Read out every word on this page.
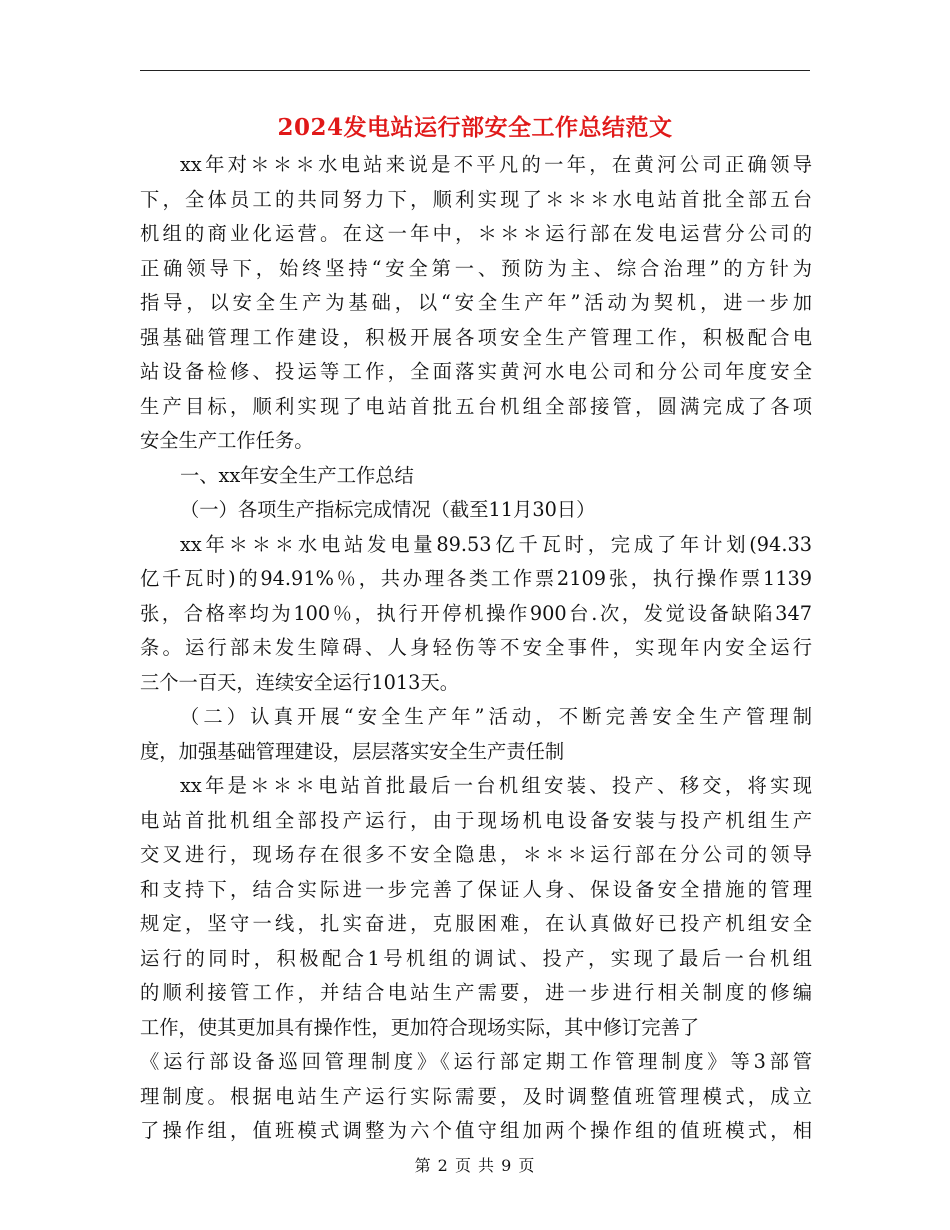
2024发电站运行部安全工作总结范文
xx年对＊＊＊水电站来说是不平凡的一年，在黄河公司正确领导
下，全体员工的共同努力下，顺利实现了＊＊＊水电站首批全部五台
机组的商业化运营。在这一年中，＊＊＊运行部在发电运营分公司的
正确领导下，始终坚持“安全第一、预防为主、综合治理”的方针为
指导，以安全生产为基础，以“安全生产年”活动为契机，进一步加
强基础管理工作建设，积极开展各项安全生产管理工作，积极配合电
站设备检修、投运等工作，全面落实黄河水电公司和分公司年度安全
生产目标，顺利实现了电站首批五台机组全部接管，圆满完成了各项
安全生产工作任务。
一、xx年安全生产工作总结
（一）各项生产指标完成情况（截至11月30日）
xx年＊＊＊水电站发电量89.53亿千瓦时，完成了年计划(94.33
亿千瓦时)的94.91%％，共办理各类工作票2109张，执行操作票1139
张，合格率均为100％，执行开停机操作900台.次，发觉设备缺陷347
条。运行部未发生障碍、人身轻伤等不安全事件，实现年内安全运行
三个一百天，连续安全运行1013天。
（二）认真开展“安全生产年”活动，不断完善安全生产管理制
度，加强基础管理建设，层层落实安全生产责任制
xx年是＊＊＊电站首批最后一台机组安装、投产、移交，将实现
电站首批机组全部投产运行，由于现场机电设备安装与投产机组生产
交叉进行，现场存在很多不安全隐患，＊＊＊运行部在分公司的领导
和支持下，结合实际进一步完善了保证人身、保设备安全措施的管理
规定，坚守一线，扎实奋进，克服困难，在认真做好已投产机组安全
运行的同时，积极配合1号机组的调试、投产，实现了最后一台机组
的顺利接管工作，并结合电站生产需要，进一步进行相关制度的修编
工作，使其更加具有操作性，更加符合现场实际，其中修订完善了
《运行部设备巡回管理制度》《运行部定期工作管理制度》等3部管
理制度。根据电站生产运行实际需要，及时调整值班管理模式，成立
了操作组，值班模式调整为六个值守组加两个操作组的值班模式，相
第 2 页 共 9 页
